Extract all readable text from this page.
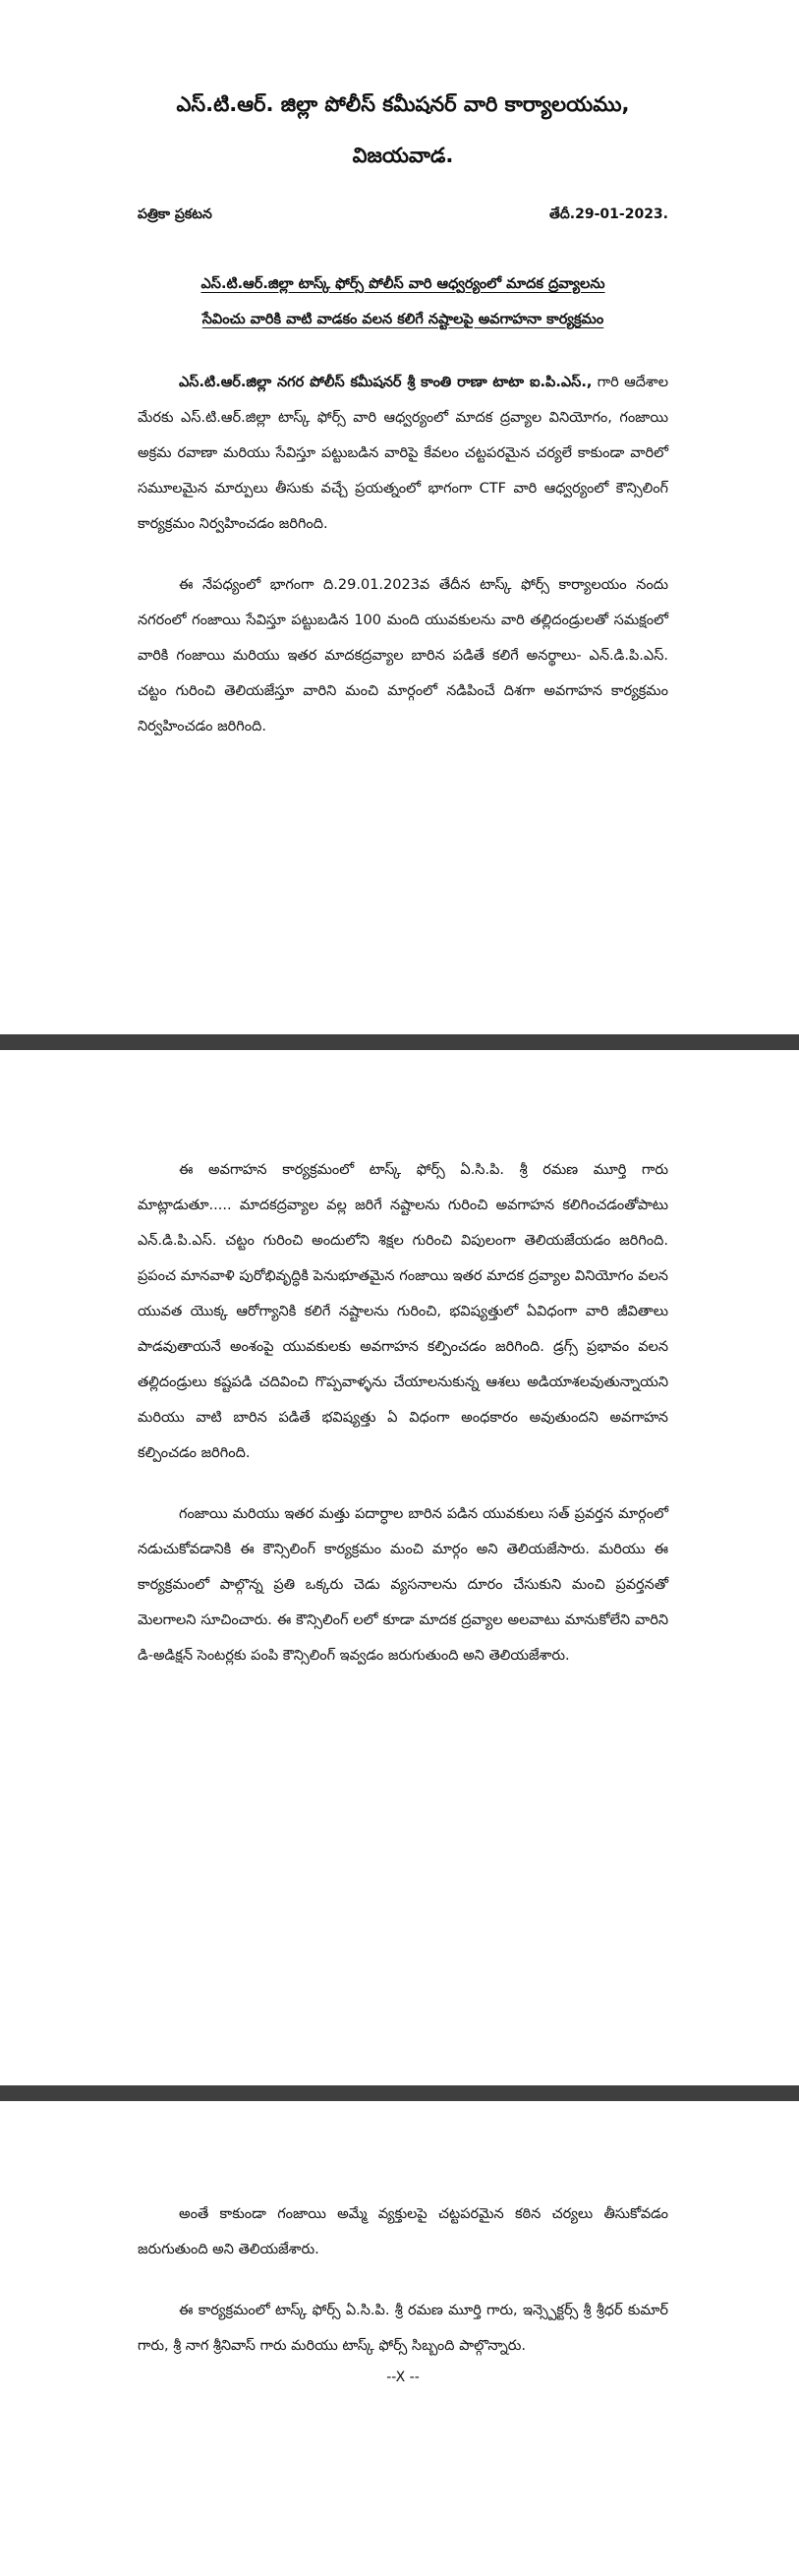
ఎస్.టి.ఆర్. జిల్లా పోలీస్ కమీషనర్ వారి కార్యాలయము,
విజయవాడ.
పత్రికా ప్రకటన	తేదీ.29-01-2023.
ఎస్.టి.ఆర్.జిల్లా టాస్క్ ఫోర్స్ పోలీస్ వారి ఆధ్వర్యంలో మాదక ద్రవ్యాలను
సేవించు వారికి వాటి వాడకం వలన కలిగే నష్టాలపై అవగాహనా కార్యక్రమం

ఎస్.టి.ఆర్.జిల్లా నగర పోలీస్ కమీషనర్ శ్రీ కాంతి రాణా టాటా ఐ.పి.ఎస్., గారి ఆదేశాల మేరకు ఎస్.టి.ఆర్.జిల్లా టాస్క్ ఫోర్స్ వారి ఆధ్వర్యంలో మాదక ద్రవ్యాల వినియోగం, గంజాయి అక్రమ రవాణా మరియు సేవిస్తూ పట్టుబడిన వారిపై కేవలం చట్టపరమైన చర్యలే కాకుండా వారిలో సమూలమైన మార్పులు తీసుకు వచ్చే ప్రయత్నంలో భాగంగా CTF వారి ఆధ్వర్యంలో కౌన్సిలింగ్ కార్యక్రమం నిర్వహించడం జరిగింది.

ఈ నేపధ్యంలో భాగంగా ది.29.01.2023వ తేదీన టాస్క్ ఫోర్స్ కార్యాలయం నందు నగరంలో గంజాయి సేవిస్తూ పట్టుబడిన 100 మంది యువకులను వారి తల్లిదండ్రులతో సమక్షంలో వారికి గంజాయి మరియు ఇతర మాదకద్రవ్యాల బారిన పడితే కలిగే అనర్థాలు- ఎన్.డి.పి.ఎస్. చట్టం గురించి తెలియజేస్తూ వారిని మంచి మార్గంలో నడిపించే దిశగా అవగాహన కార్యక్రమం నిర్వహించడం జరిగింది.

ఈ అవగాహన కార్యక్రమంలో టాస్క్ ఫోర్స్ ఏ.సి.పి. శ్రీ రమణ మూర్తి గారు మాట్లాడుతూ..... మాదకద్రవ్యాల వల్ల జరిగే నష్టాలను గురించి అవగాహన కలిగించడంతోపాటు ఎన్.డి.పి.ఎస్. చట్టం గురించి అందులోని శిక్షల గురించి విపులంగా తెలియజేయడం జరిగింది. ప్రపంచ మానవాళి పురోభివృద్ధికి పెనుభూతమైన గంజాయి ఇతర మాదక ద్రవ్యాల వినియోగం వలన యువత యొక్క ఆరోగ్యానికి కలిగే నష్టాలను గురించి, భవిష్యత్తులో ఏవిధంగా వారి జీవితాలు పాడవుతాయనే అంశంపై యువకులకు అవగాహన కల్పించడం జరిగింది. డ్రగ్స్ ప్రభావం వలన తల్లిదండ్రులు కష్టపడి చదివించి గొప్పవాళ్ళను చేయాలనుకున్న ఆశలు అడియాశలవుతున్నాయని మరియు వాటి బారిన పడితే భవిష్యత్తు ఏ విధంగా అంధకారం అవుతుందని అవగాహన కల్పించడం జరిగింది.

గంజాయి మరియు ఇతర మత్తు పదార్ధాల బారిన పడిన యువకులు సత్ ప్రవర్తన మార్గంలో నడుచుకోవడానికి ఈ కౌన్సిలింగ్ కార్యక్రమం మంచి మార్గం అని తెలియజేసారు. మరియు ఈ కార్యక్రమంలో పాల్గొన్న ప్రతి ఒక్కరు చెడు వ్యసనాలను దూరం చేసుకుని మంచి ప్రవర్తనతో మెలగాలని సూచించారు. ఈ కౌన్సిలింగ్ లలో కూడా మాదక ద్రవ్యాల అలవాటు మానుకోలేని వారిని డి-అడిక్షన్ సెంటర్లకు పంపి కౌన్సిలింగ్ ఇవ్వడం జరుగుతుంది అని తెలియజేశారు.

అంతే కాకుండా గంజాయి అమ్మే వ్యక్తులపై చట్టపరమైన కఠిన చర్యలు తీసుకోవడం జరుగుతుంది అని తెలియజేశారు.

ఈ కార్యక్రమంలో టాస్క్ ఫోర్స్ ఏ.సి.పి. శ్రీ రమణ మూర్తి గారు, ఇన్స్పెక్టర్స్ శ్రీ శ్రీధర్ కుమార్ గారు, శ్రీ నాగ శ్రీనివాస్ గారు మరియు టాస్క్ ఫోర్స్ సిబ్బంది పాల్గొన్నారు.

--X --
